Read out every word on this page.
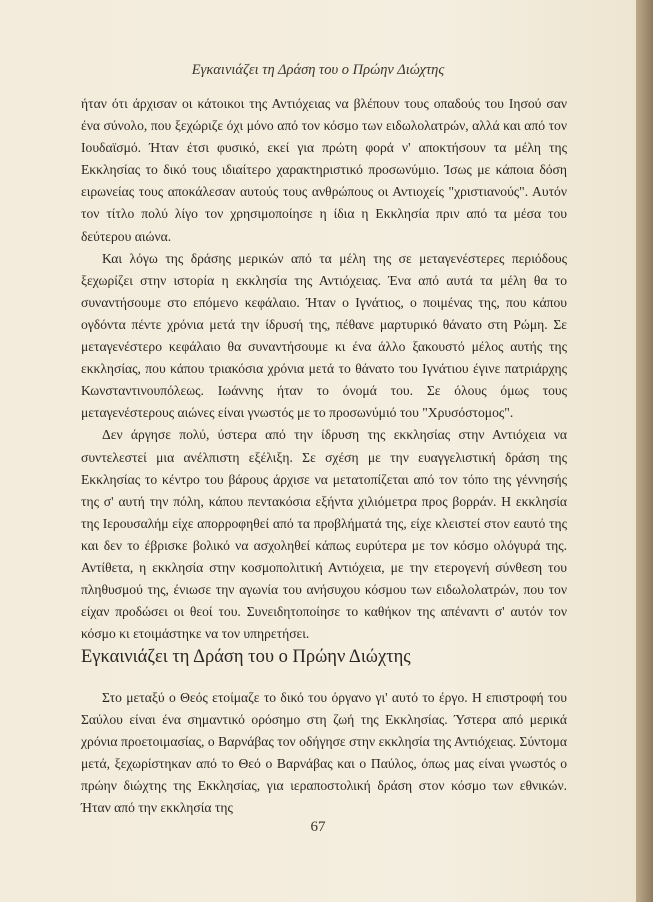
Εγκαινιάζει τη Δράση του ο Πρώην Διώχτης

ήταν ότι άρχισαν οι κάτοικοι της Αντιόχειας να βλέπουν τους οπαδούς του Ιησού σαν ένα σύνολο, που ξεχώριζε όχι μόνο από τον κόσμο των ειδωλολατρών, αλλά και από τον Ιουδαϊσμό. Ήταν έτσι φυσικό, εκεί για πρώτη φορά ν' αποκτήσουν τα μέλη της Εκκλησίας το δικό τους ιδιαίτερο χαρακτηριστικό προσωνύμιο. Ίσως με κάποια δόση ειρωνείας τους αποκάλεσαν αυτούς τους ανθρώπους οι Αντιοχείς "χριστιανούς". Αυτόν τον τίτλο πολύ λίγο τον χρησιμοποίησε η ίδια η Εκκλησία πριν από τα μέσα του δεύτερου αιώνα.

Και λόγω της δράσης μερικών από τα μέλη της σε μεταγενέστερες περιόδους ξεχωρίζει στην ιστορία η εκκλησία της Αντιόχειας. Ένα από αυτά τα μέλη θα το συναντήσουμε στο επόμενο κεφάλαιο. Ήταν ο Ιγνάτιος, ο ποιμένας της, που κάπου ογδόντα πέντε χρόνια μετά την ίδρυσή της, πέθανε μαρτυρικό θάνατο στη Ρώμη. Σε μεταγενέστερο κεφάλαιο θα συναντήσουμε κι ένα άλλο ξακουστό μέλος αυτής της εκκλησίας, που κάπου τριακόσια χρόνια μετά το θάνατο του Ιγνάτιου έγινε πατριάρχης Κωνσταντινουπόλεως. Ιωάννης ήταν το όνομά του. Σε όλους όμως τους μεταγενέστερους αιώνες είναι γνωστός με το προσωνύμιό του "Χρυσόστομος".

Δεν άργησε πολύ, ύστερα από την ίδρυση της εκκλησίας στην Αντιόχεια να συντελεστεί μια ανέλπιστη εξέλιξη. Σε σχέση με την ευαγγελιστική δράση της Εκκλησίας το κέντρο του βάρους άρχισε να μετατοπίζεται από τον τόπο της γέννησής της σ' αυτή την πόλη, κάπου πεντακόσια εξήντα χιλιόμετρα προς βορράν. Η εκκλησία της Ιερουσαλήμ είχε απορροφηθεί από τα προβλήματά της, είχε κλειστεί στον εαυτό της και δεν το έβρισκε βολικό να ασχοληθεί κάπως ευρύτερα με τον κόσμο ολόγυρά της. Αντίθετα, η εκκλησία στην κοσμοπολιτική Αντιόχεια, με την ετερογενή σύνθεση του πληθυσμού της, ένιωσε την αγωνία του ανήσυχου κόσμου των ειδωλολατρών, που τον είχαν προδώσει οι θεοί του. Συνειδητοποίησε το καθήκον της απέναντι σ' αυτόν τον κόσμο κι ετοιμάστηκε να τον υπηρετήσει.

Εγκαινιάζει τη Δράση του ο Πρώην Διώχτης

Στο μεταξύ ο Θεός ετοίμαζε το δικό του όργανο γι' αυτό το έργο. Η επιστροφή του Σαύλου είναι ένα σημαντικό ορόσημο στη ζωή της Εκκλησίας. Ύστερα από μερικά χρόνια προετοιμασίας, ο Βαρνάβας τον οδήγησε στην εκκλησία της Αντιόχειας. Σύντομα μετά, ξεχωρίστηκαν από το Θεό ο Βαρνάβας και ο Παύλος, όπως μας είναι γνωστός ο πρώην διώχτης της Εκκλησίας, για ιεραποστολική δράση στον κόσμο των εθνικών. Ήταν από την εκκλησία της

67
